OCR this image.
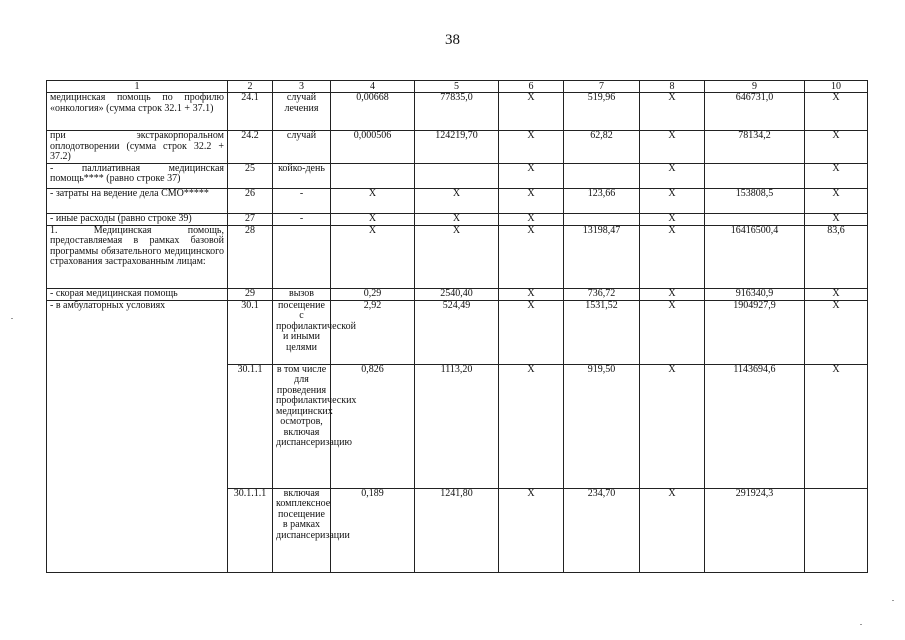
38
1	2	3	4	5	6	7	8	9	10
медицинская помощь по профилю «онкология» (сумма строк 32.1 + 37.1)	24.1	случай лечения	0,00668	77835,0	Х	519,96	Х	646731,0	Х
при экстракорпоральном оплодотворении (сумма строк 32.2 + 37.2)	24.2	случай	0,000506	124219,70	Х	62,82	Х	78134,2	Х
- паллиативная медицинская помощь**** (равно строке 37)	25	койко-день			Х		Х		Х
- затраты на ведение дела СМО*****	26	-	Х	Х	Х	123,66	Х	153808,5	Х
- иные расходы (равно строке 39)	27	-	Х	Х	Х		Х		Х
1. Медицинская помощь, предоставляемая в рамках базовой программы обязательного медицинского страхования застрахованным лицам:	28		Х	Х	Х	13198,47	Х	16416500,4	83,6
- скорая медицинская помощь	29	вызов	0,29	2540,40	Х	736,72	Х	916340,9	Х
- в амбулаторных условиях	30.1	посещение с профилактической и иными целями	2,92	524,49	Х	1531,52	Х	1904927,9	Х
	30.1.1	в том числе для проведения профилактических медицинских осмотров, включая диспансеризацию	0,826	1113,20	Х	919,50	Х	1143694,6	Х
	30.1.1.1	включая комплексное посещение в рамках диспансеризации	0,189	1241,80	Х	234,70	Х	291924,3	
